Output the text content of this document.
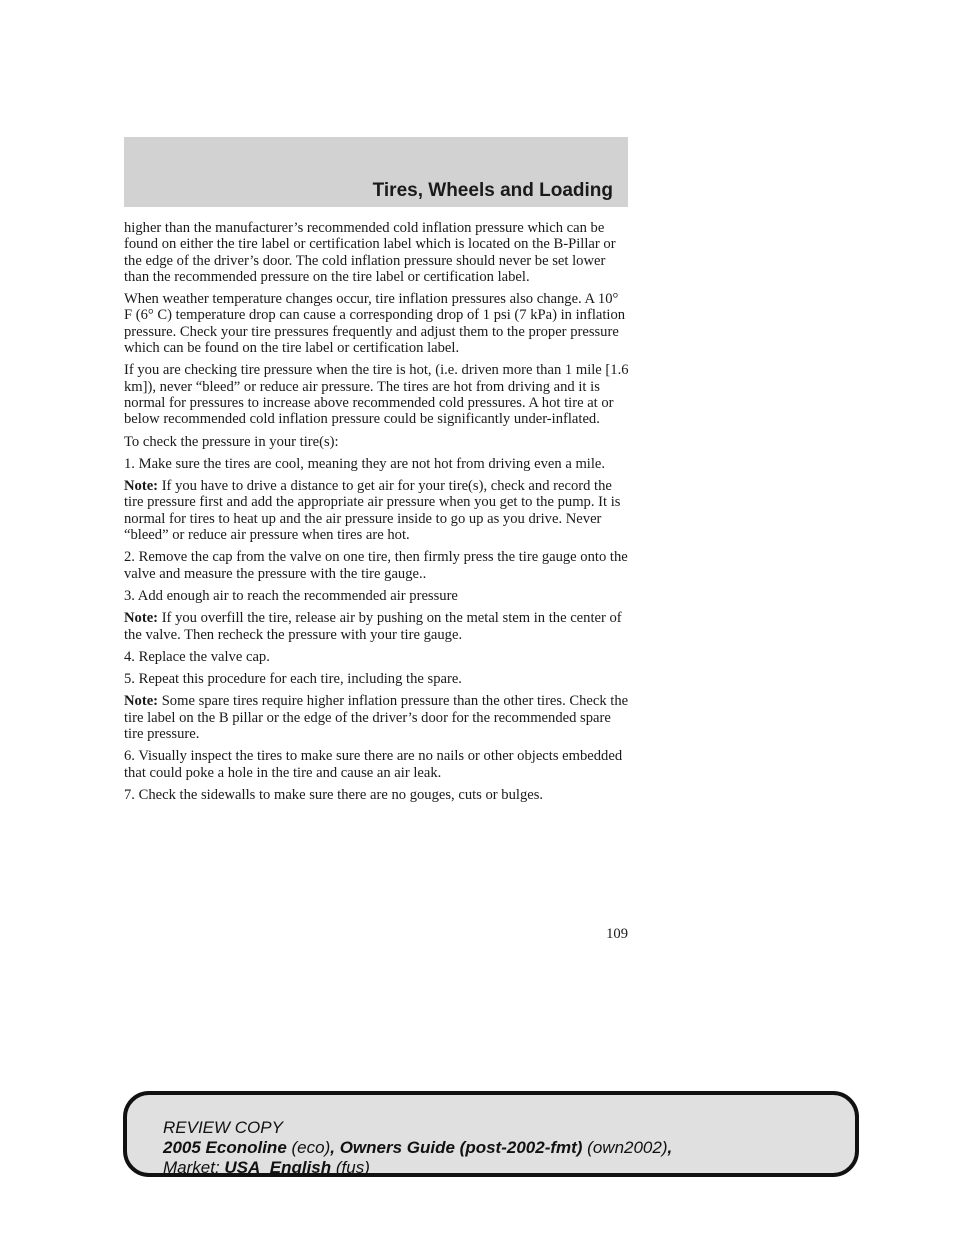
Tires, Wheels and Loading

higher than the manufacturer’s recommended cold inflation pressure which can be found on either the tire label or certification label which is located on the B-Pillar or the edge of the driver’s door. The cold inflation pressure should never be set lower than the recommended pressure on the tire label or certification label.

When weather temperature changes occur, tire inflation pressures also change. A 10° F (6° C) temperature drop can cause a corresponding drop of 1 psi (7 kPa) in inflation pressure. Check your tire pressures frequently and adjust them to the proper pressure which can be found on the tire label or certification label.

If you are checking tire pressure when the tire is hot, (i.e. driven more than 1 mile [1.6 km]), never “bleed” or reduce air pressure. The tires are hot from driving and it is normal for pressures to increase above recommended cold pressures. A hot tire at or below recommended cold inflation pressure could be significantly under-inflated.

To check the pressure in your tire(s):

1. Make sure the tires are cool, meaning they are not hot from driving even a mile.

Note: If you have to drive a distance to get air for your tire(s), check and record the tire pressure first and add the appropriate air pressure when you get to the pump. It is normal for tires to heat up and the air pressure inside to go up as you drive. Never “bleed” or reduce air pressure when tires are hot.

2. Remove the cap from the valve on one tire, then firmly press the tire gauge onto the valve and measure the pressure with the tire gauge..

3. Add enough air to reach the recommended air pressure

Note: If you overfill the tire, release air by pushing on the metal stem in the center of the valve. Then recheck the pressure with your tire gauge.

4. Replace the valve cap.

5. Repeat this procedure for each tire, including the spare.

Note: Some spare tires require higher inflation pressure than the other tires. Check the tire label on the B pillar or the edge of the driver’s door for the recommended spare tire pressure.

6. Visually inspect the tires to make sure there are no nails or other objects embedded that could poke a hole in the tire and cause an air leak.

7. Check the sidewalls to make sure there are no gouges, cuts or bulges.

109
REVIEW COPY
2005 Econoline (eco), Owners Guide (post-2002-fmt) (own2002),
Market: USA_English (fus)
